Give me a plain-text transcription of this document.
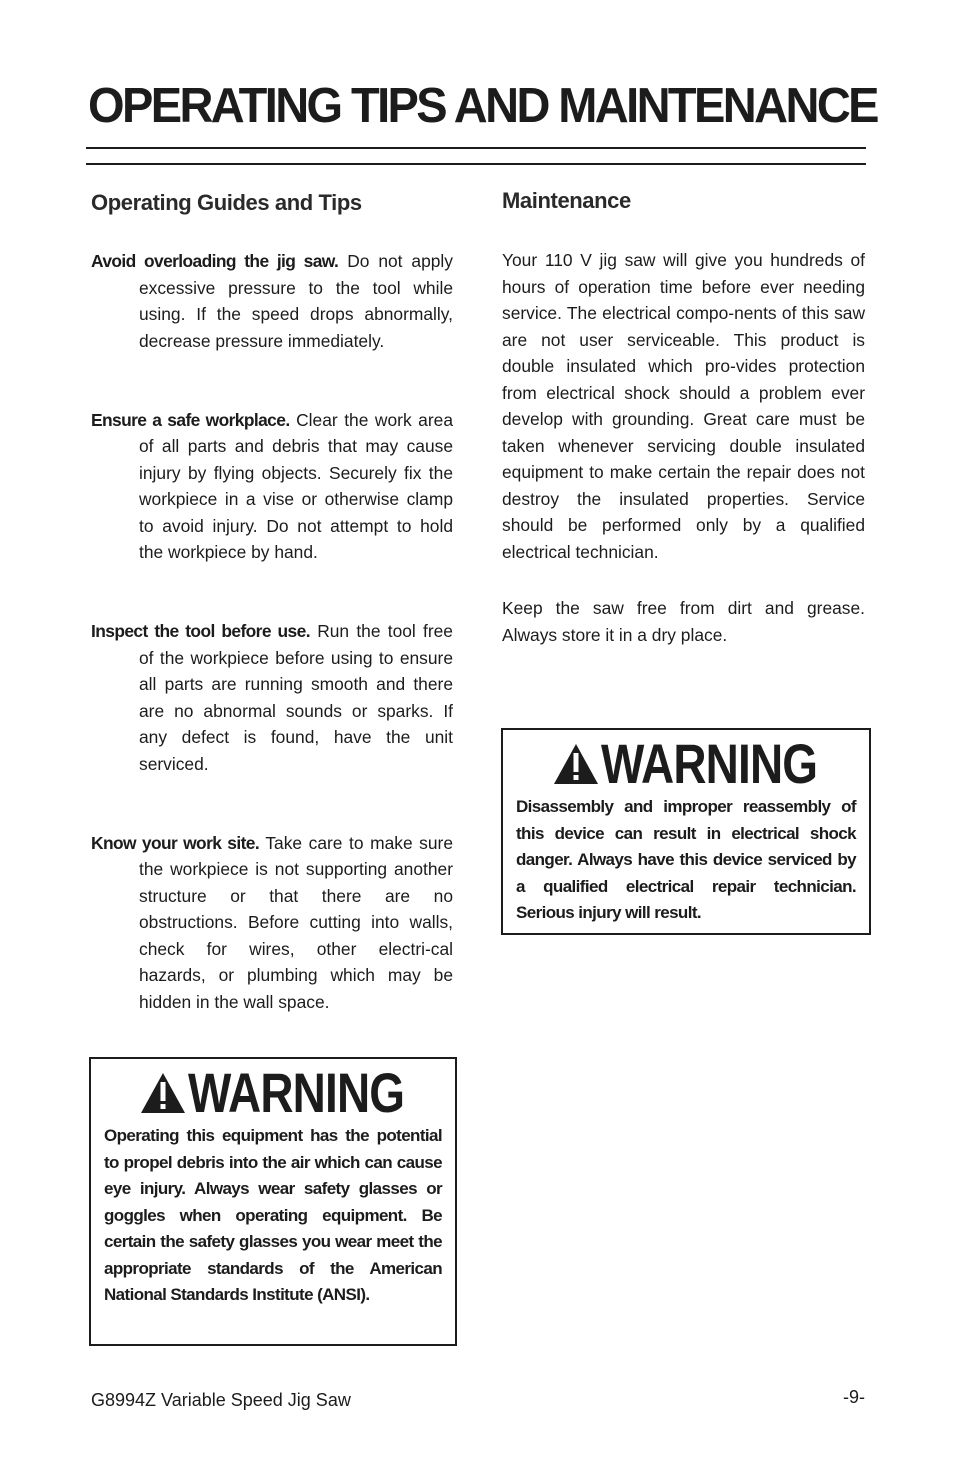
OPERATING TIPS AND MAINTENANCE
Operating Guides and Tips

Avoid overloading the jig saw. Do not apply excessive pressure to the tool while using. If the speed drops abnormally, decrease pressure immediately.

Ensure a safe workplace. Clear the work area of all parts and debris that may cause injury by flying objects. Securely fix the workpiece in a vise or otherwise clamp to avoid injury. Do not attempt to hold the workpiece by hand.

Inspect the tool before use. Run the tool free of the workpiece before using to ensure all parts are running smooth and there are no abnormal sounds or sparks. If any defect is found, have the unit serviced.

Know your work site. Take care to make sure the workpiece is not supporting another structure or that there are no obstructions. Before cutting into walls, check for wires, other electri-cal hazards, or plumbing which may be hidden in the wall space.

WARNING

Operating this equipment has the potential to propel debris into the air which can cause eye injury. Always wear safety glasses or goggles when operating equipment. Be certain the safety glasses you wear meet the appropriate standards of the American National Standards Institute (ANSI).

Maintenance

Your 110 V jig saw will give you hundreds of hours of operation time before ever needing service. The electrical compo-nents of this saw are not user serviceable. This product is double insulated which pro-vides protection from electrical shock should a problem ever develop with grounding. Great care must be taken whenever servicing double insulated equipment to make certain the repair does not destroy the insulated properties. Service should be performed only by a qualified electrical technician.

Keep the saw free from dirt and grease. Always store it in a dry place.

WARNING

Disassembly and improper reassembly of this device can result in electrical shock danger. Always have this device serviced by a qualified electrical repair technician. Serious injury will result.

G8994Z Variable Speed Jig Saw	-9-
